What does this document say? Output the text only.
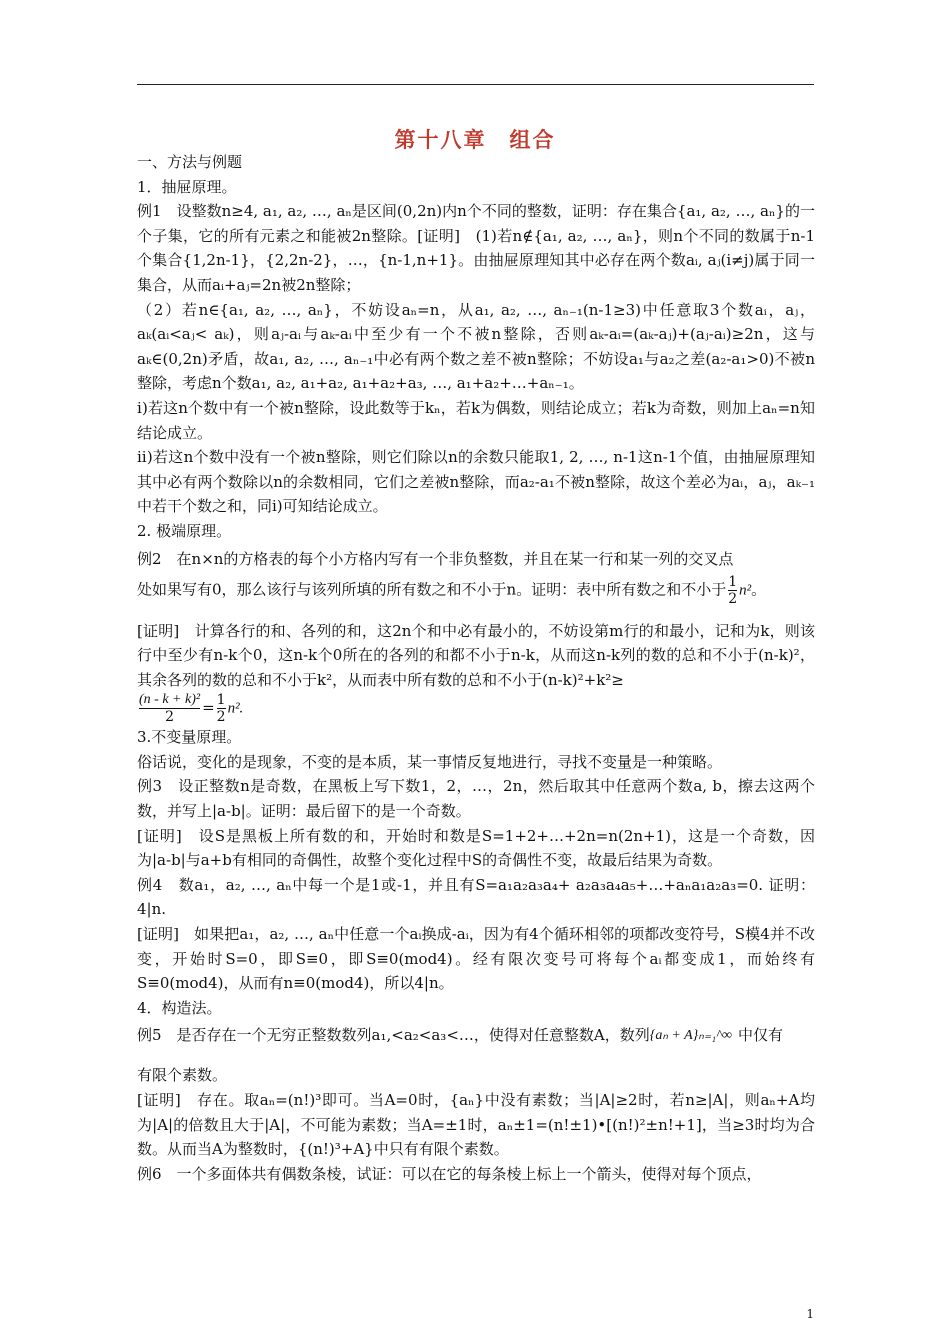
第十八章　组合

一、方法与例题

1．抽屉原理。

例1　设整数n≥4, a₁, a₂, …, aₙ是区间(0,2n)内n个不同的整数，证明：存在集合{a₁, a₂, …, aₙ}的一个子集，它的所有元素之和能被2n整除。[证明]　(1)若n∉{a₁, a₂, …, aₙ}，则n个不同的数属于n-1个集合{1,2n-1}，{2,2n-2}，…，{n-1,n+1}。由抽屉原理知其中必存在两个数aᵢ, aⱼ(i≠j)属于同一集合，从而aᵢ+aⱼ=2n被2n整除；

（2）若n∈{a₁, a₂, …, aₙ}，不妨设aₙ=n，从a₁, a₂, …, aₙ₋₁(n-1≥3)中任意取3个数aᵢ，aⱼ，aₖ(aᵢ<aⱼ< aₖ)，则aⱼ-aᵢ与aₖ-aᵢ中至少有一个不被n整除，否则aₖ-aᵢ=(aₖ-aⱼ)+(aⱼ-aᵢ)≥2n，这与aₖ∈(0,2n)矛盾，故a₁, a₂, …, aₙ₋₁中必有两个数之差不被n整除；不妨设a₁与a₂之差(a₂-a₁>0)不被n整除，考虑n个数a₁, a₂, a₁+a₂, a₁+a₂+a₃, …, a₁+a₂+…+aₙ₋₁。

ⅰ)若这n个数中有一个被n整除，设此数等于kₙ，若k为偶数，则结论成立；若k为奇数，则加上aₙ=n知结论成立。

ⅱ)若这n个数中没有一个被n整除，则它们除以n的余数只能取1, 2, …, n-1这n-1个值，由抽屉原理知其中必有两个数除以n的余数相同，它们之差被n整除，而a₂-a₁不被n整除，故这个差必为aᵢ，aⱼ，aₖ₋₁中若干个数之和，同ⅰ)可知结论成立。

2. 极端原理。

例2　在n×n的方格表的每个小方格内写有一个非负整数，并且在某一行和某一列的交叉点

处如果写有0，那么该行与该列所填的所有数之和不小于n。证明：表中所有数之和不小于 $\frac{1}{2} n^2$。

[证明]　计算各行的和、各列的和，这2n个和中必有最小的，不妨设第m行的和最小，记和为k，则该行中至少有n-k个0，这n-k个0所在的各列的和都不小于n-k，从而这n-k列的数的总和不小于(n-k)²，其余各列的数的总和不小于k²，从而表中所有数的总和不小于(n-k)²+k²≥

$\frac{\text{(n - k + k)²}}{2} = \frac{1}{2} n^2$.

3.不变量原理。

俗话说，变化的是现象，不变的是本质，某一事情反复地进行，寻找不变量是一种策略。

例3　设正整数n是奇数，在黑板上写下数1，2，…，2n，然后取其中任意两个数a, b，擦去这两个数，并写上|a-b|。证明：最后留下的是一个奇数。

[证明]　设S是黑板上所有数的和，开始时和数是S=1+2+…+2n=n(2n+1)，这是一个奇数，因为|a-b|与a+b有相同的奇偶性，故整个变化过程中S的奇偶性不变，故最后结果为奇数。

例4　数a₁，a₂, …, aₙ中每一个是1或-1，并且有S=a₁a₂a₃a₄+ a₂a₃a₄a₅+…+aₙa₁a₂a₃=0. 证明：4|n.

[证明]　如果把a₁，a₂, …, aₙ中任意一个aᵢ换成-aᵢ，因为有4个循环相邻的项都改变符号，S模4并不改变，开始时S=0，即S≡0，即S≡0(mod4)。经有限次变号可将每个aᵢ都变成1，而始终有S≡0(mod4)，从而有n≡0(mod4)，所以4|n。

4．构造法。

例5　是否存在一个无穷正整数数列a₁,<a₂<a₃<…，使得对任意整数A，数列{aₙ + A}ₙ₌₁^∞ 中仅有

有限个素数。

[证明]　存在。取aₙ=(n!)³即可。当A=0时，{aₙ}中没有素数；当|A|≥2时，若n≥|A|，则aₙ+A均为|A|的倍数且大于|A|，不可能为素数；当A=±1时，aₙ±1=(n!±1)•[(n!)²±n!+1]，当≥3时均为合数。从而当A为整数时，{(n!)³+A}中只有有限个素数。

例6　一个多面体共有偶数条棱，试证：可以在它的每条棱上标上一个箭头，使得对每个顶点，

1
